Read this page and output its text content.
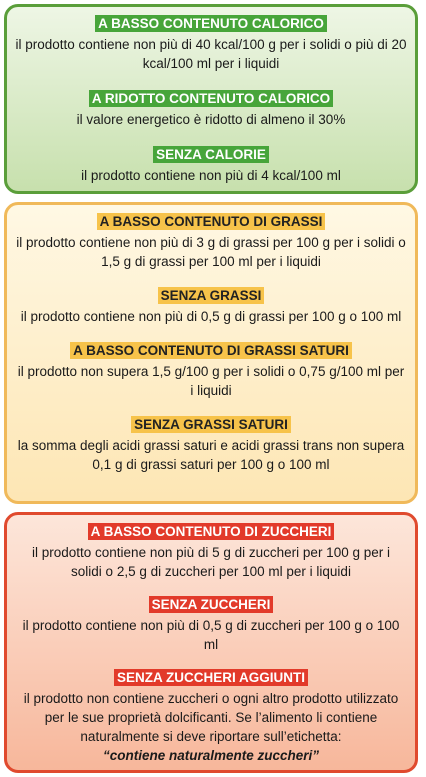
A BASSO CONTENUTO CALORICO
il prodotto contiene non più di 40 kcal/100 g per i solidi o più di 20 kcal/100 ml per i liquidi
A RIDOTTO CONTENUTO CALORICO
il valore energetico è ridotto di almeno il 30%
SENZA CALORIE
il prodotto contiene non più di 4 kcal/100 ml
A BASSO CONTENUTO DI GRASSI
il prodotto contiene non più di 3 g di grassi per 100 g per i solidi o 1,5 g di grassi per 100 ml per i liquidi
SENZA GRASSI
il prodotto contiene non più di 0,5 g di grassi per 100 g o 100 ml
A BASSO CONTENUTO DI GRASSI SATURI
il prodotto non supera 1,5 g/100 g per i solidi o 0,75 g/100 ml per i liquidi
SENZA GRASSI SATURI
la somma degli acidi grassi saturi e acidi grassi trans non supera 0,1 g di grassi saturi per 100 g o 100 ml
A BASSO CONTENUTO DI ZUCCHERI
il prodotto contiene non più di 5 g di zuccheri per 100 g per i solidi o 2,5 g di zuccheri per 100 ml per i liquidi
SENZA ZUCCHERI
il prodotto contiene non più di 0,5 g di zuccheri per 100 g o 100 ml
SENZA ZUCCHERI AGGIUNTI
il prodotto non contiene zuccheri o ogni altro prodotto utilizzato per le sue proprietà dolcificanti. Se l’alimento li contiene naturalmente si deve riportare sull’etichetta:
“contiene naturalmente zuccheri”
